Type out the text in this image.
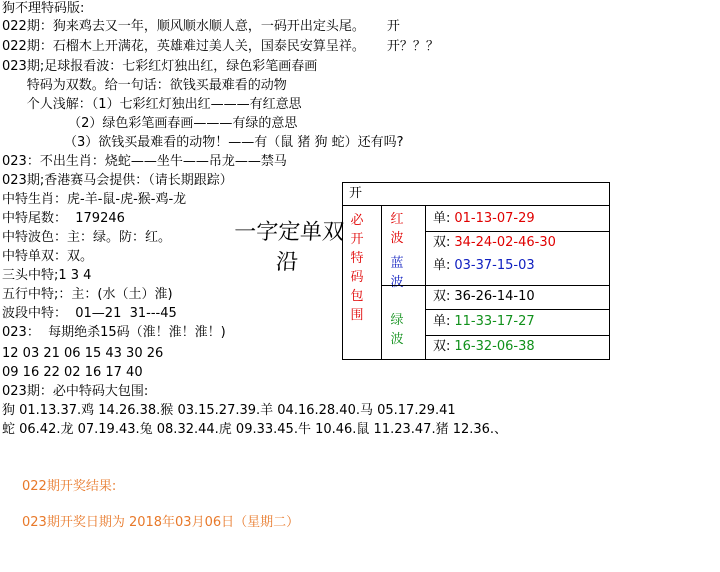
狗不理特码版:
022期：狗来鸡去又一年，顺风顺水顺人意，一码开出定头尾。 开
022期：石榴木上开满花，英雄难过美人关，国泰民安算呈祥。 开？？？
023期;足球报看波：七彩红灯独出红，绿色彩笔画春画
特码为双数。给一句话：欲钱买最难看的动物
个人浅解：（1）七彩红灯独出红———有红意思
（2）绿色彩笔画春画———有绿的意思
（3）欲钱买最难看的动物！——有（鼠 猪 狗 蛇）还有吗?
023：不出生肖：烧蛇——坐牛——吊龙——禁马
023期;香港赛马会提供：（请长期跟踪）
中特生肖：虎-羊-鼠-虎-猴-鸡-龙
中特尾数：  179246
中特波色：主：绿。防：红。
中特单双：双。
三头中特;1 3 4
五行中特;：主：(水（土）淮)
波段中特：  01—21  31---45
023：  每期绝杀15码（淮！淮！淮！)
12 03 21 06 15 43 30 26
09 16 22 02 16 17 40
023期：必中特码大包围:
狗 01.13.37.鸡 14.26.38.猴 03.15.27.39.羊 04.16.28.40.马 05.17.29.41
蛇 06.42.龙 07.19.43.兔 08.32.44.虎 09.33.45.牛 10.46.鼠 11.23.47.猪 12.36.、
一字定单双
沿
开
必
开
特
码
包
围
红
波
蓝
波
绿
波
单: 01-13-07-29
双: 34-24-02-46-30
单: 03-37-15-03
双: 36-26-14-10
单: 11-33-17-27
双: 16-32-06-38
022期开奖结果:
023期开奖日期为 2018年03月06日（星期二）
